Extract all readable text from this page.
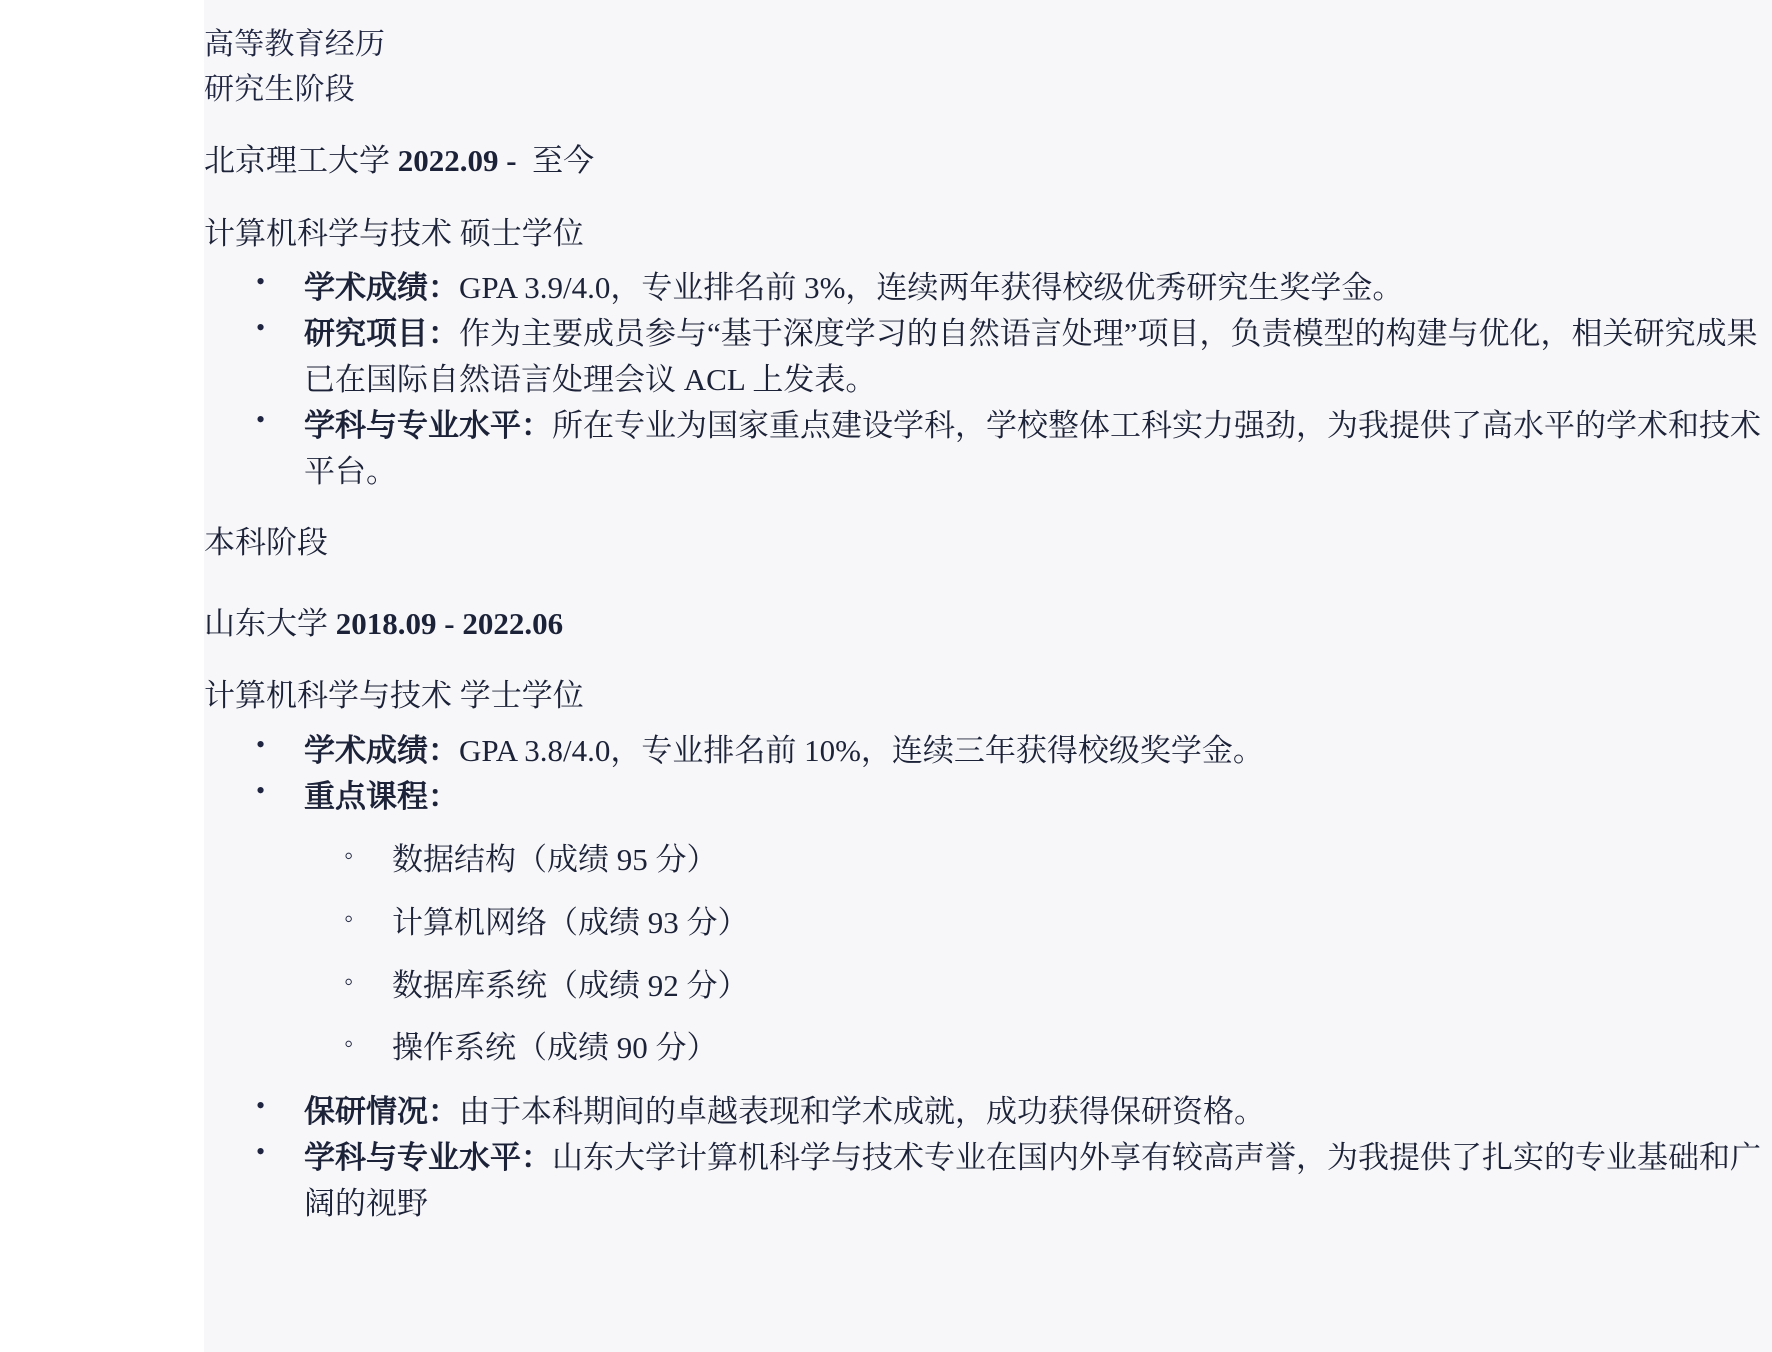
高等教育经历
研究生阶段
北京理工大学 2022.09 - 至今
计算机科学与技术 硕士学位
• 学术成绩：GPA 3.9/4.0，专业排名前 3%，连续两年获得校级优秀研究生奖学金。
• 研究项目：作为主要成员参与“基于深度学习的自然语言处理”项目，负责模型的构建与优化，相关研究成果已在国际自然语言处理会议 ACL 上发表。
• 学科与专业水平：所在专业为国家重点建设学科，学校整体工科实力强劲，为我提供了高水平的学术和技术平台。
本科阶段
山东大学 2018.09 - 2022.06
计算机科学与技术 学士学位
• 学术成绩：GPA 3.8/4.0，专业排名前 10%，连续三年获得校级奖学金。
• 重点课程：
◦ 数据结构（成绩 95 分）
◦ 计算机网络（成绩 93 分）
◦ 数据库系统（成绩 92 分）
◦ 操作系统（成绩 90 分）
• 保研情况：由于本科期间的卓越表现和学术成就，成功获得保研资格。
• 学科与专业水平：山东大学计算机科学与技术专业在国内外享有较高声誉，为我提供了扎实的专业基础和广阔的视野
